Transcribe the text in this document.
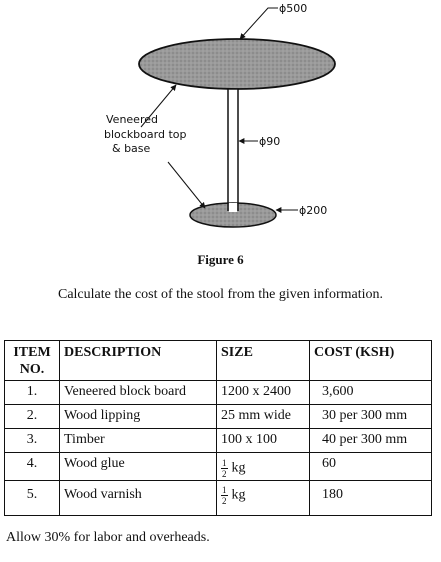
ϕ500
ϕ90
ϕ200
Veneered
blockboard top
& base
Figure 6
Calculate the cost of the stool from the given information.
ITEM
NO.	DESCRIPTION	SIZE	COST (KSH)
1.	Veneered block board	1200 x 2400	3,600
2.	Wood lipping	25 mm wide	30 per 300 mm
3.	Timber	100 x 100	40 per 300 mm
4.	Wood glue	$\frac{1}{2}$ kg	60
5.	Wood varnish	$\frac{1}{2}$ kg	180
Allow 30% for labor and overheads.
